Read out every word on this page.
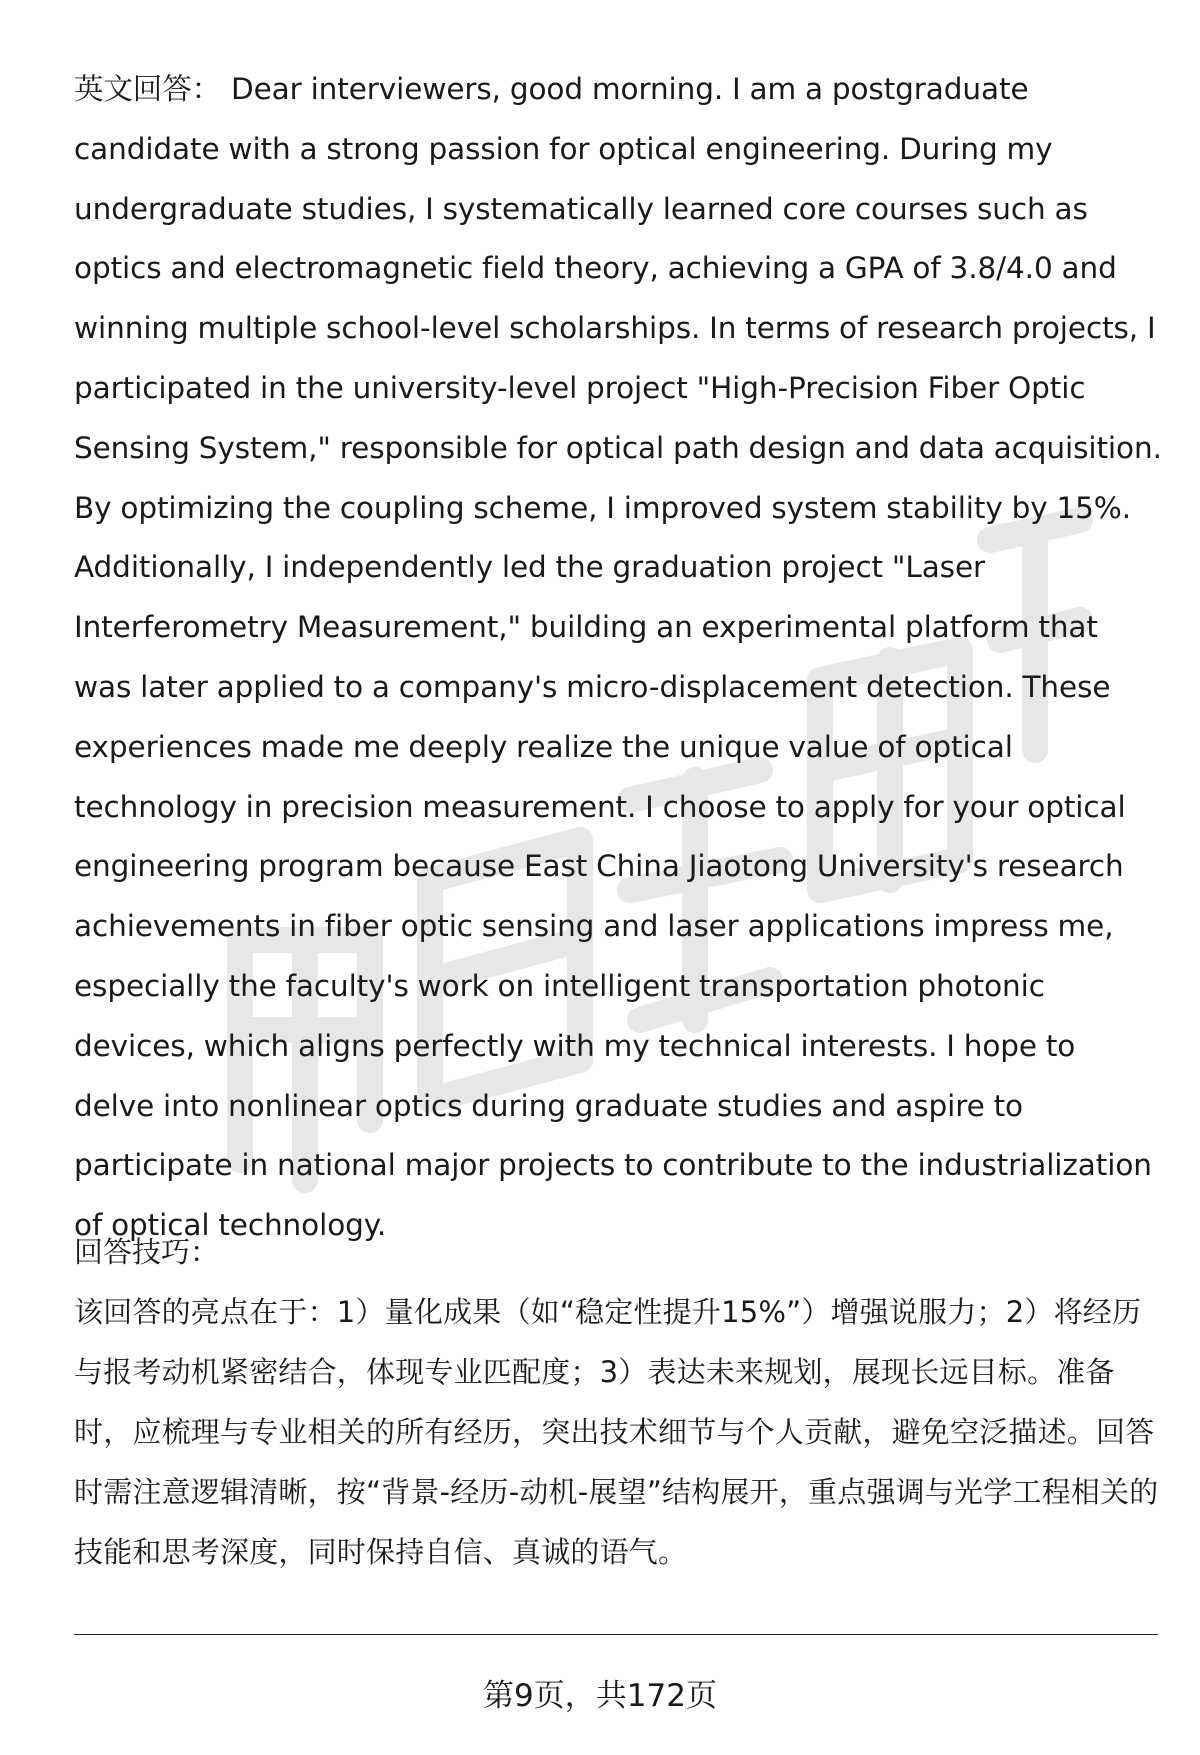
英文回答： Dear interviewers, good morning. I am a postgraduate candidate with a strong passion for optical engineering. During my undergraduate studies, I systematically learned core courses such as optics and electromagnetic field theory, achieving a GPA of 3.8/4.0 and winning multiple school-level scholarships. In terms of research projects, I participated in the university-level project "High-Precision Fiber Optic Sensing System," responsible for optical path design and data acquisition. By optimizing the coupling scheme, I improved system stability by 15%. Additionally, I independently led the graduation project "Laser Interferometry Measurement," building an experimental platform that was later applied to a company's micro-displacement detection. These experiences made me deeply realize the unique value of optical technology in precision measurement. I choose to apply for your optical engineering program because East China Jiaotong University's research achievements in fiber optic sensing and laser applications impress me, especially the faculty's work on intelligent transportation photonic devices, which aligns perfectly with my technical interests. I hope to delve into nonlinear optics during graduate studies and aspire to participate in national major projects to contribute to the industrialization of optical technology.

回答技巧：

该回答的亮点在于：1）量化成果（如“稳定性提升15%”）增强说服力；2）将经历与报考动机紧密结合，体现专业匹配度；3）表达未来规划，展现长远目标。准备时，应梳理与专业相关的所有经历，突出技术细节与个人贡献，避免空泛描述。回答时需注意逻辑清晰，按“背景-经历-动机-展望”结构展开，重点强调与光学工程相关的技能和思考深度，同时保持自信、真诚的语气。

第9页，共172页
